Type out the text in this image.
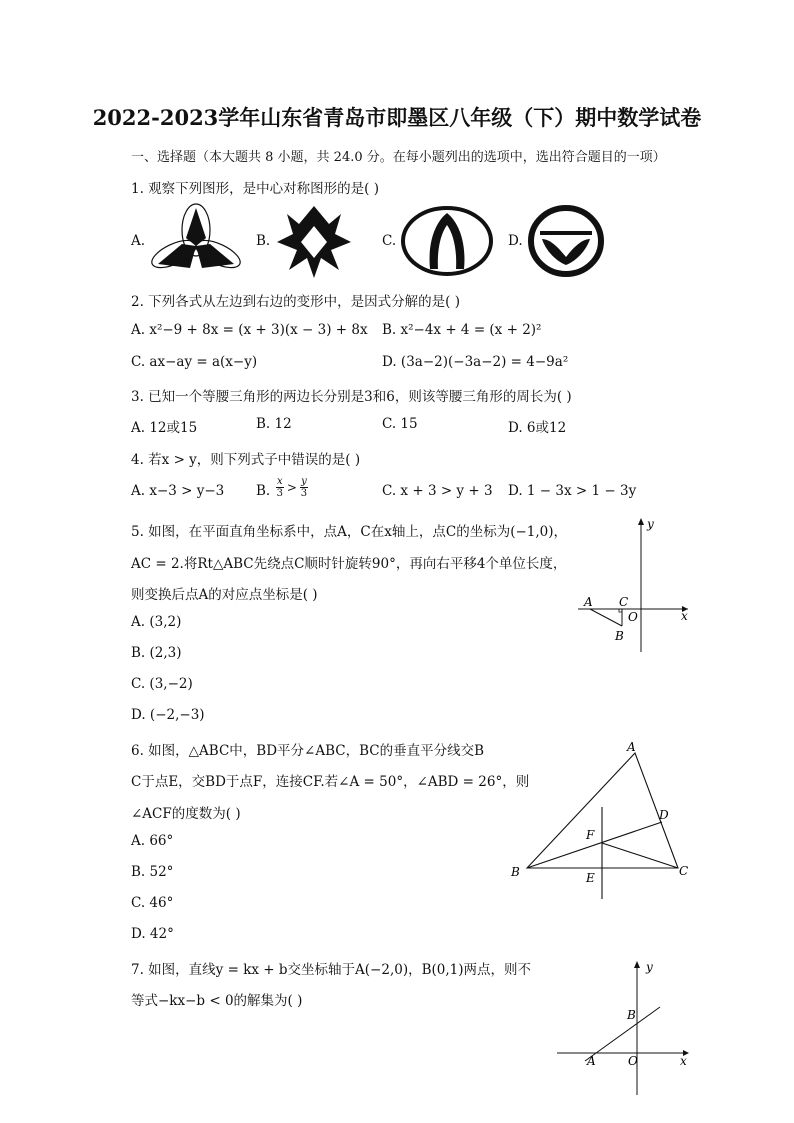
2022-2023学年山东省青岛市即墨区八年级（下）期中数学试卷
一、选择题（本大题共 8 小题，共 24.0 分。在每小题列出的选项中，选出符合题目的一项）
1. 观察下列图形，是中心对称图形的是( )
A.	B.	C.	D.
2. 下列各式从左边到右边的变形中，是因式分解的是( )
A. x²−9 + 8x = (x + 3)(x − 3) + 8x B. x²−4x + 4 = (x + 2)²
C. ax−ay = a(x−y)	D. (3a−2)(−3a−2) = 4−9a²
3. 已知一个等腰三角形的两边长分别是3和6，则该等腰三角形的周长为( )
A. 12或15	B. 12	C. 15	D. 6或12
4. 若x > y，则下列式子中错误的是( )
A. x−3 > y−3 B. $\frac{x}{3} > \frac{y}{3}$	C. x + 3 > y + 3 D. 1 − 3x > 1 − 3y
5. 如图，在平面直角坐标系中，点A，C在x轴上，点C的坐标为(−1,0)，
AC = 2.将Rt△ABC先绕点C顺时针旋转90°，再向右平移4个单位长度，
则变换后点A的对应点坐标是( )
A. (3,2)
B. (2,3)
C. (3,−2)
D. (−2,−3)
y
x
A C
O
B
6. 如图，△ABC中，BD平分∠ABC，BC的垂直平分线交B
C于点E，交BD于点F，连接CF.若∠A = 50°，∠ABD = 26°，则
∠ACF的度数为( )
A. 66°
B. 52°
C. 46°
D. 42°
A
B	C
D
F
E
7. 如图，直线y = kx + b交坐标轴于A(−2,0)，B(0,1)两点，则不
等式−kx−b < 0的解集为( )
y
x
A	O
B
